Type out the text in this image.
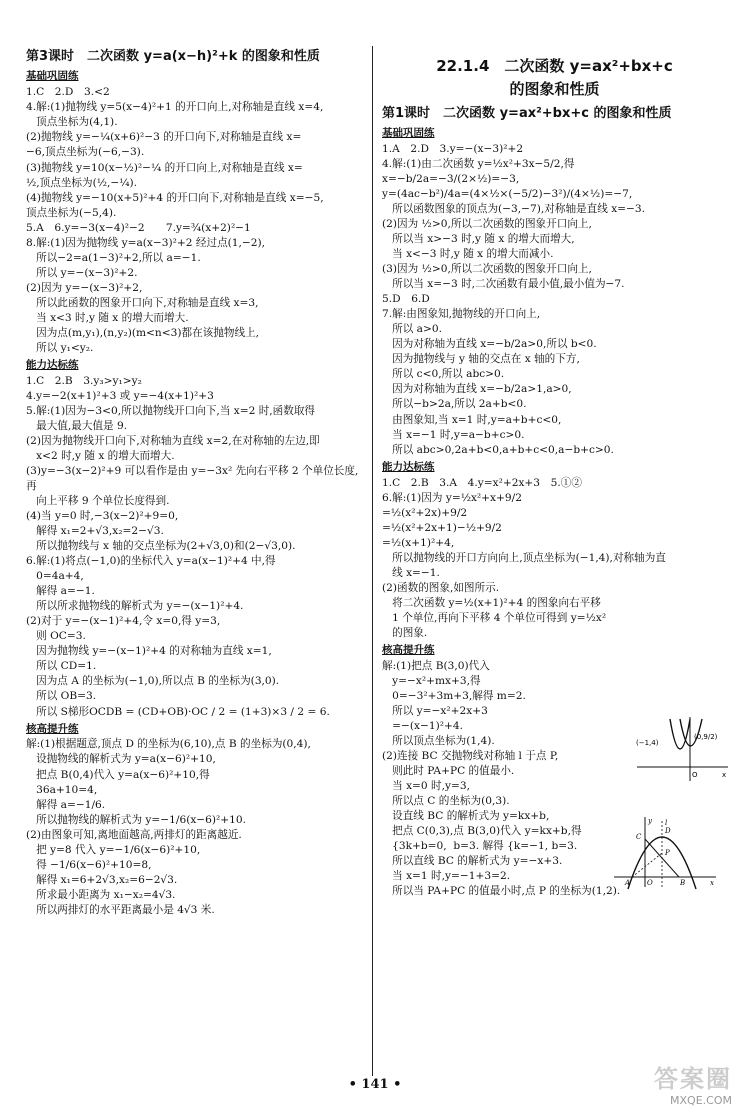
第3课时　二次函数 y=a(x−h)²+k 的图象和性质
基础巩固练
1.C　2.D　3.<2
4.解:(1)抛物线 y=5(x−4)²+1 的开口向上,对称轴是直线 x=4,
顶点坐标为(4,1).
(2)抛物线 y=−¼(x+6)²−3 的开口向下,对称轴是直线 x=
−6,顶点坐标为(−6,−3).
(3)抛物线 y=10(x−½)²−¼ 的开口向上,对称轴是直线 x=
½,顶点坐标为(½,−¼).
(4)抛物线 y=−10(x+5)²+4 的开口向下,对称轴是直线 x=−5,
顶点坐标为(−5,4).
5.A　6.y=−3(x−4)²−2　　7.y=¾(x+2)²−1
8.解:(1)因为抛物线 y=a(x−3)²+2 经过点(1,−2),
所以−2=a(1−3)²+2,所以 a=−1.
所以 y=−(x−3)²+2.
(2)因为 y=−(x−3)²+2,
所以此函数的图象开口向下,对称轴是直线 x=3,
当 x<3 时,y 随 x 的增大而增大.
因为点(m,y₁),(n,y₂)(m<n<3)都在该抛物线上,
所以 y₁<y₂.
能力达标练
1.C　2.B　3.y₃>y₁>y₂
4.y=−2(x+1)²+3 或 y=−4(x+1)²+3
5.解:(1)因为−3<0,所以抛物线开口向下,当 x=2 时,函数取得
最大值,最大值是 9.
(2)因为抛物线开口向下,对称轴为直线 x=2,在对称轴的左边,即
x<2 时,y 随 x 的增大而增大.
(3)y=−3(x−2)²+9 可以看作是由 y=−3x² 先向右平移 2 个单位长度,再
向上平移 9 个单位长度得到.
(4)当 y=0 时,−3(x−2)²+9=0,
解得 x₁=2+√3,x₂=2−√3.
所以抛物线与 x 轴的交点坐标为(2+√3,0)和(2−√3,0).
6.解:(1)将点(−1,0)的坐标代入 y=a(x−1)²+4 中,得
0=4a+4,
解得 a=−1.
所以所求抛物线的解析式为 y=−(x−1)²+4.
(2)对于 y=−(x−1)²+4,令 x=0,得 y=3,
则 OC=3.
因为抛物线 y=−(x−1)²+4 的对称轴为直线 x=1,
所以 CD=1.
因为点 A 的坐标为(−1,0),所以点 B 的坐标为(3,0).
所以 OB=3.
所以 S梯形OCDB = (CD+OB)·OC / 2 = (1+3)×3 / 2 = 6.
核高提升练
解:(1)根据题意,顶点 D 的坐标为(6,10),点 B 的坐标为(0,4),
设抛物线的解析式为 y=a(x−6)²+10,
把点 B(0,4)代入 y=a(x−6)²+10,得
36a+10=4,
解得 a=−1/6.
所以抛物线的解析式为 y=−1/6(x−6)²+10.
(2)由图象可知,离地面越高,两排灯的距离越近.
把 y=8 代入 y=−1/6(x−6)²+10,
得 −1/6(x−6)²+10=8,
解得 x₁=6+2√3,x₂=6−2√3.
所求最小距离为 x₁−x₂=4√3.
所以两排灯的水平距离最小是 4√3 米.
22.1.4　二次函数 y=ax²+bx+c
的图象和性质
第1课时　二次函数 y=ax²+bx+c 的图象和性质
基础巩固练
1.A　2.D　3.y=−(x−3)²+2
4.解:(1)由二次函数 y=½x²+3x−5/2,得
x=−b/2a=−3/(2×½)=−3,
y=(4ac−b²)/4a=(4×½×(−5/2)−3²)/(4×½)=−7,
所以函数图象的顶点为(−3,−7),对称轴是直线 x=−3.
(2)因为 ½>0,所以二次函数的图象开口向上,
所以当 x>−3 时,y 随 x 的增大而增大,
当 x<−3 时,y 随 x 的增大而减小.
(3)因为 ½>0,所以二次函数的图象开口向上,
所以当 x=−3 时,二次函数有最小值,最小值为−7.
5.D　6.D
7.解:由图象知,抛物线的开口向上,
所以 a>0.
因为对称轴为直线 x=−b/2a>0,所以 b<0.
因为抛物线与 y 轴的交点在 x 轴的下方,
所以 c<0,所以 abc>0.
因为对称轴为直线 x=−b/2a>1,a>0,
所以−b>2a,所以 2a+b<0.
由图象知,当 x=1 时,y=a+b+c<0,
当 x=−1 时,y=a−b+c>0.
所以 abc>0,2a+b<0,a+b+c<0,a−b+c>0.
能力达标练
1.C　2.B　3.A　4.y=x²+2x+3　5.①②
6.解:(1)因为 y=½x²+x+9/2
=½(x²+2x)+9/2
=½(x²+2x+1)−½+9/2
=½(x+1)²+4,
所以抛物线的开口方向向上,顶点坐标为(−1,4),对称轴为直
线 x=−1.
(2)函数的图象,如图所示.
将二次函数 y=½(x+1)²+4 的图象向右平移
1 个单位,再向下平移 4 个单位可得到 y=½x²
的图象.
核高提升练
解:(1)把点 B(3,0)代入
y=−x²+mx+3,得
0=−3²+3m+3,解得 m=2.
所以 y=−x²+2x+3
=−(x−1)²+4.
所以顶点坐标为(1,4).
(2)连接 BC 交抛物线对称轴 l 于点 P,
则此时 PA+PC 的值最小.
当 x=0 时,y=3,
所以点 C 的坐标为(0,3).
设直线 BC 的解析式为 y=kx+b,
把点 C(0,3),点 B(3,0)代入 y=kx+b,得
{3k+b=0,  b=3. 解得 {k=−1, b=3.
所以直线 BC 的解析式为 y=−x+3.
当 x=1 时,y=−1+3=2.
所以当 PA+PC 的值最小时,点 P 的坐标为(1,2).
(−1,4)
(0,9/2)
O	x
y l
C
D
P
A O	B	x
• 141 •	答案圈
MXQE.COM
